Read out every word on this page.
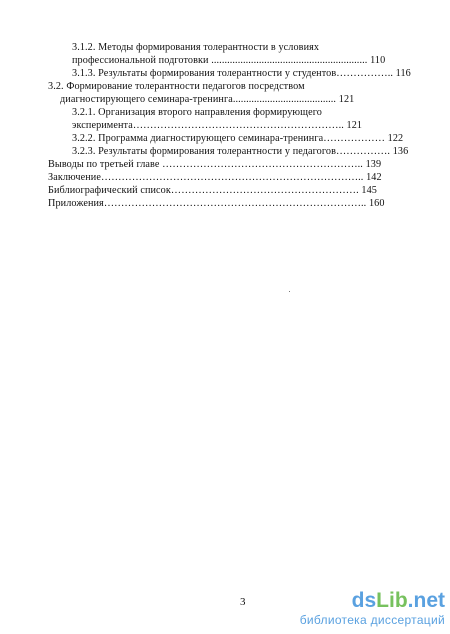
3.1.2. Методы формирования толерантности в условиях
профессиональной подготовки ........................................................... 110
3.1.3. Результаты формирования толерантности у студентов…………….. 116
3.2. Формирование толерантности педагогов посредством
диагностирующего семинара-тренинга....................................... 121
3.2.1. Организация второго направления формирующего
эксперимента…………………………………………………….. 121
3.2.2. Программа диагностирующего семинара-тренинга……………… 122
3.2.3. Результаты формирования толерантности у педагогов……………. 136
Выводы по третьей главе ………………………………………………….. 139
Заключение………………………………………………………………….. 142
Библиографический список………………………………………………. 145
Приложения………………………………………………………………….. 160
3	dsLib.net
библиотека диссертаций
